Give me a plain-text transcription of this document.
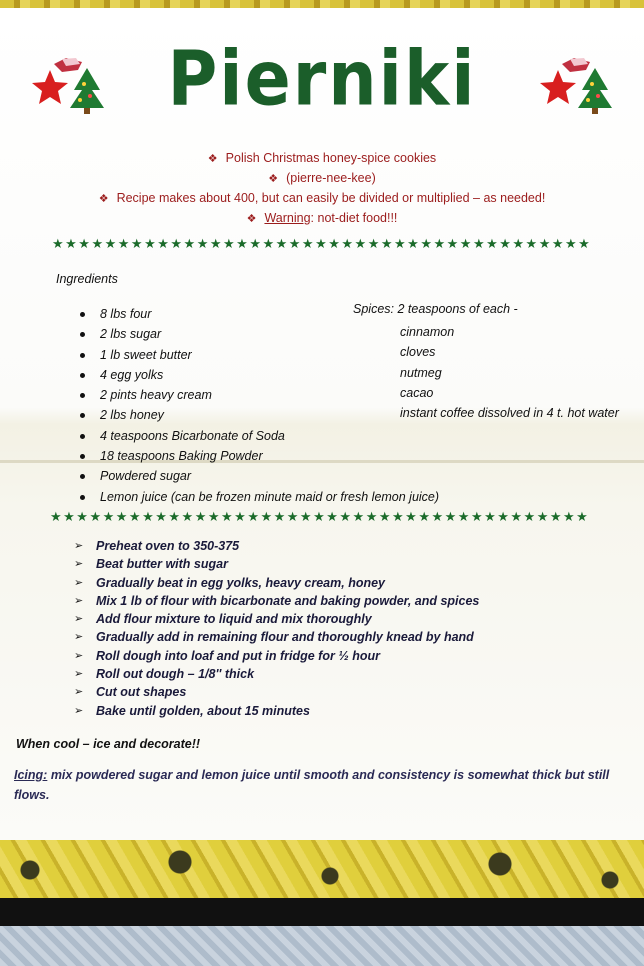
Pierniki
❖ Polish Christmas honey-spice cookies
❖ (pierre-nee-kee)
❖ Recipe makes about 400, but can easily be divided or multiplied – as needed!
❖ Warning: not-diet food!!!
★★★★★★★★★★★★★★★★★★★★★★★★★★★★★★★★★★★★★★★★★
Ingredients
8 lbs four
2 lbs sugar
1 lb sweet butter
4 egg yolks
2 pints heavy cream
2 lbs honey
4 teaspoons Bicarbonate of Soda
18 teaspoons Baking Powder
Powdered sugar
Lemon juice (can be frozen minute maid or fresh lemon juice)
Spices: 2 teaspoons of each -
cinnamon
cloves
nutmeg
cacao
instant coffee dissolved in 4 t. hot water
★★★★★★★★★★★★★★★★★★★★★★★★★★★★★★★★★★★★★★★★★
➢ Preheat oven to 350-375
➢ Beat butter with sugar
➢ Gradually beat in egg yolks, heavy cream, honey
➢ Mix 1 lb of flour with bicarbonate and baking powder, and spices
➢ Add flour mixture to liquid and mix thoroughly
➢ Gradually add in remaining flour and thoroughly knead by hand
➢ Roll dough into loaf and put in fridge for ½ hour
➢ Roll out dough – 1/8'' thick
➢ Cut out shapes
➢ Bake until golden, about 15 minutes
When cool – ice and decorate!!
Icing: mix powdered sugar and lemon juice until smooth and consistency is somewhat thick but still flows.
